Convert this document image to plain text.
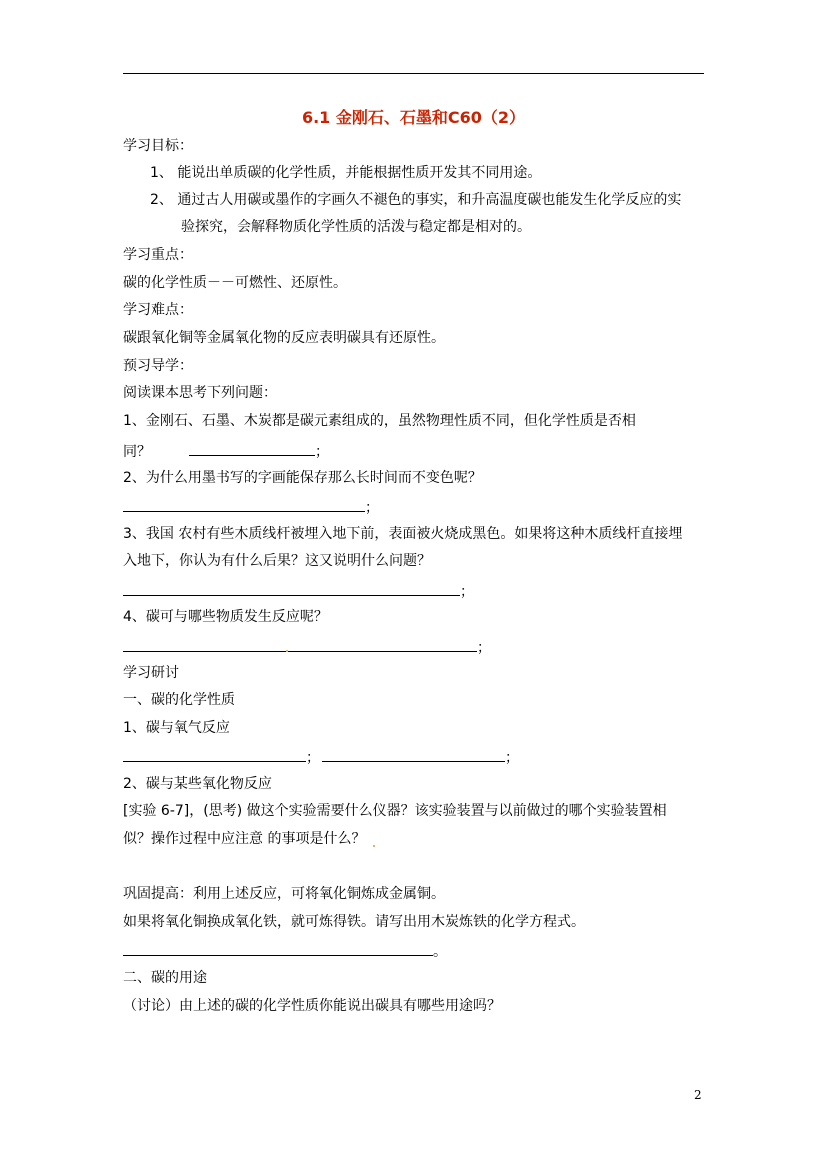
6.1 金刚石、石墨和C60（2）
学习目标：
1、 能说出单质碳的化学性质，并能根据性质开发其不同用途。
2、 通过古人用碳或墨作的字画久不褪色的事实，和升高温度碳也能发生化学反应的实
验探究，会解释物质化学性质的活泼与稳定都是相对的。
学习重点：
碳的化学性质－－可燃性、还原性。
学习难点：
碳跟氧化铜等金属氧化物的反应表明碳具有还原性。
预习导学：
阅读课本思考下列问题：
1、金刚石、石墨、木炭都是碳元素组成的，虽然物理性质不同，但化学性质是否相
同？	；
2、为什么用墨书写的字画能保存那么长时间而不变色呢？
；
3、我国 农村有些木质线杆被埋入地下前，表面被火烧成黑色。如果将这种木质线杆直接埋
入地下，你认为有什么后果？这又说明什么问题？
；
4、碳可与哪些物质发生反应呢？
；
学习研讨
一、碳的化学性质
1、碳与氧气反应
；	；
2、碳与某些氧化物反应
[实验 6-7]，(思考) 做这个实验需要什么仪器？该实验装置与以前做过的哪个实验装置相
似？操作过程中应注意 的事项是什么？
巩固提高：利用上述反应，可将氧化铜炼成金属铜。
如果将氧化铜换成氧化铁，就可炼得铁。请写出用木炭炼铁的化学方程式。
。
二、碳的用途
（讨论）由上述的碳的化学性质你能说出碳具有哪些用途吗？
2
